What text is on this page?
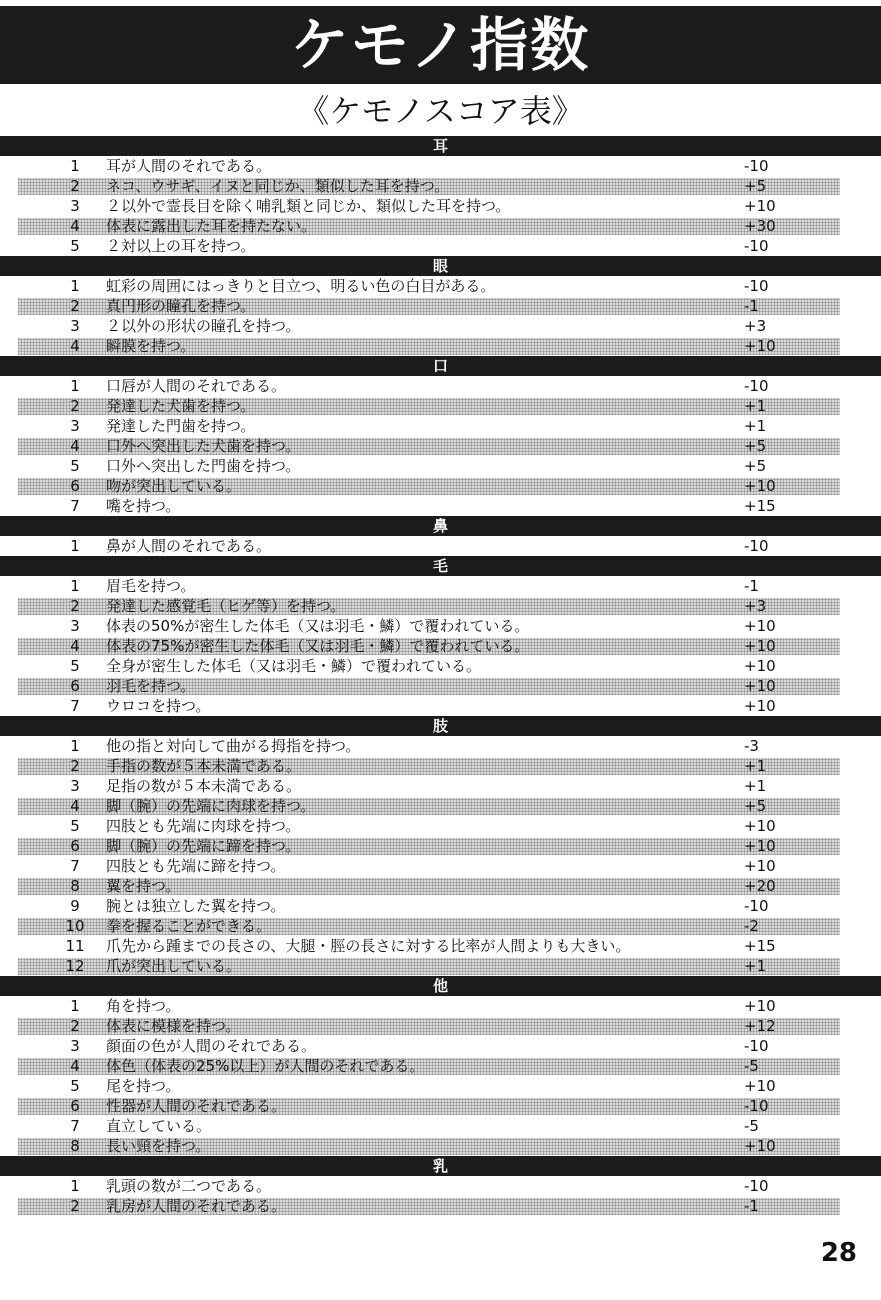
ケモノ指数
《ケモノスコア表》
耳
1	耳が人間のそれである。	-10
2	ネコ、ウサギ、イヌと同じか、類似した耳を持つ。	+5
3	２以外で霊長目を除く哺乳類と同じか、類似した耳を持つ。	+10
4	体表に露出した耳を持たない。	+30
5	２対以上の耳を持つ。	-10
眼
1	虹彩の周囲にはっきりと目立つ、明るい色の白目がある。	-10
2	真円形の瞳孔を持つ。	-1
3	２以外の形状の瞳孔を持つ。	+3
4	瞬膜を持つ。	+10
口
1	口唇が人間のそれである。	-10
2	発達した犬歯を持つ。	+1
3	発達した門歯を持つ。	+1
4	口外へ突出した犬歯を持つ。	+5
5	口外へ突出した門歯を持つ。	+5
6	吻が突出している。	+10
7	嘴を持つ。	+15
鼻
1	鼻が人間のそれである。	-10
毛
1	眉毛を持つ。	-1
2	発達した感覚毛（ヒゲ等）を持つ。	+3
3	体表の50%が密生した体毛（又は羽毛・鱗）で覆われている。	+10
4	体表の75%が密生した体毛（又は羽毛・鱗）で覆われている。	+10
5	全身が密生した体毛（又は羽毛・鱗）で覆われている。	+10
6	羽毛を持つ。	+10
7	ウロコを持つ。	+10
肢
1	他の指と対向して曲がる拇指を持つ。	-3
2	手指の数が５本未満である。	+1
3	足指の数が５本未満である。	+1
4	脚（腕）の先端に肉球を持つ。	+5
5	四肢とも先端に肉球を持つ。	+10
6	脚（腕）の先端に蹄を持つ。	+10
7	四肢とも先端に蹄を持つ。	+10
8	翼を持つ。	+20
9	腕とは独立した翼を持つ。	-10
10	拳を握ることができる。	-2
11	爪先から踵までの長さの、大腿・脛の長さに対する比率が人間よりも大きい。	+15
12	爪が突出している。	+1
他
1	角を持つ。	+10
2	体表に模様を持つ。	+12
3	顔面の色が人間のそれである。	-10
4	体色（体表の25%以上）が人間のそれである。	-5
5	尾を持つ。	+10
6	性器が人間のそれである。	-10
7	直立している。	-5
8	長い頸を持つ。	+10
乳
1	乳頭の数が二つである。	-10
2	乳房が人間のそれである。	-1
28
